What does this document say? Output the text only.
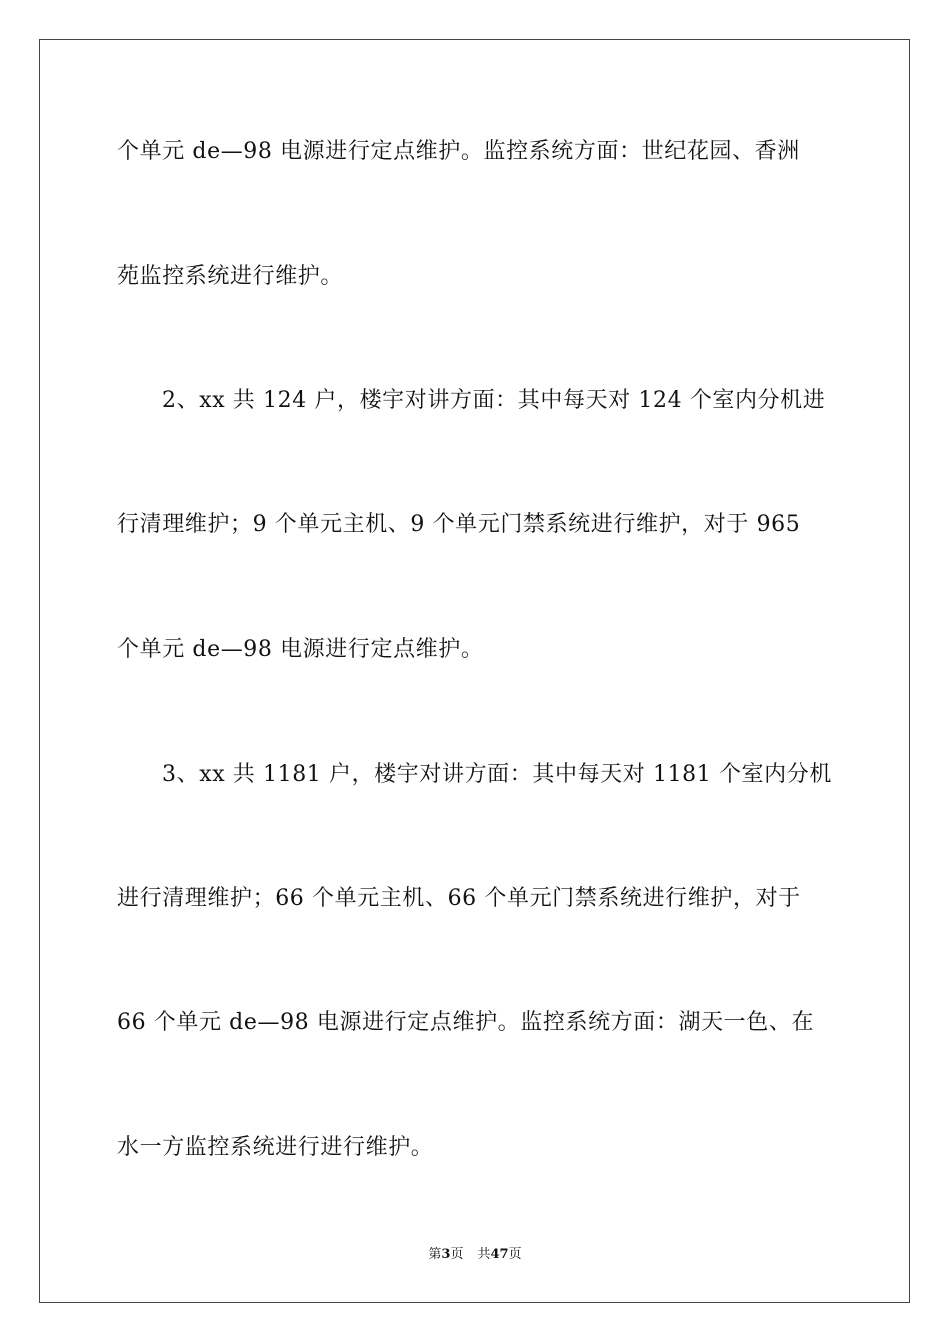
个单元 de—98 电源进行定点维护。监控系统方面：世纪花园、香洲
苑监控系统进行维护。
2、xx 共 124 户，楼宇对讲方面：其中每天对 124 个室内分机进
行清理维护；9 个单元主机、9 个单元门禁系统进行维护，对于 965
个单元 de—98 电源进行定点维护。
3、xx 共 1181 户，楼宇对讲方面：其中每天对 1181 个室内分机
进行清理维护；66 个单元主机、66 个单元门禁系统进行维护，对于
66 个单元 de—98 电源进行定点维护。监控系统方面：湖天一色、在
水一方监控系统进行进行维护。
第3页 共47页
